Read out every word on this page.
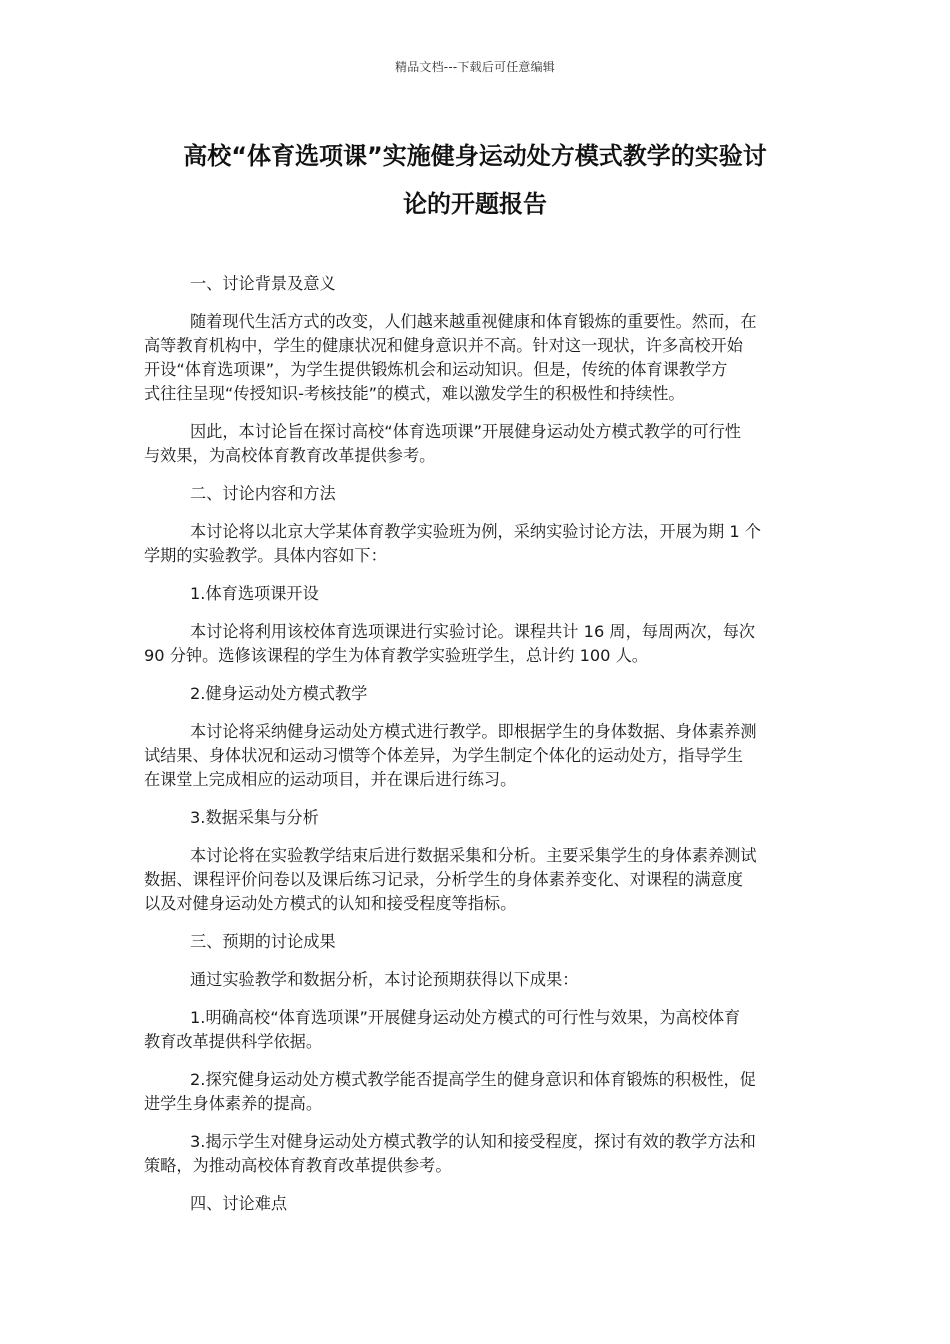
精品文档---下载后可任意编辑
高校“体育选项课”实施健身运动处方模式教学的实验讨
论的开题报告
一、讨论背景及意义
随着现代生活方式的改变，人们越来越重视健康和体育锻炼的重要性。然而，在
高等教育机构中，学生的健康状况和健身意识并不高。针对这一现状，许多高校开始
开设“体育选项课”，为学生提供锻炼机会和运动知识。但是，传统的体育课教学方
式往往呈现“传授知识-考核技能”的模式，难以激发学生的积极性和持续性。
因此，本讨论旨在探讨高校“体育选项课”开展健身运动处方模式教学的可行性
与效果，为高校体育教育改革提供参考。
二、讨论内容和方法
本讨论将以北京大学某体育教学实验班为例，采纳实验讨论方法，开展为期 1 个
学期的实验教学。具体内容如下：
1.体育选项课开设
本讨论将利用该校体育选项课进行实验讨论。课程共计 16 周，每周两次，每次
90 分钟。选修该课程的学生为体育教学实验班学生，总计约 100 人。
2.健身运动处方模式教学
本讨论将采纳健身运动处方模式进行教学。即根据学生的身体数据、身体素养测
试结果、身体状况和运动习惯等个体差异，为学生制定个体化的运动处方，指导学生
在课堂上完成相应的运动项目，并在课后进行练习。
3.数据采集与分析
本讨论将在实验教学结束后进行数据采集和分析。主要采集学生的身体素养测试
数据、课程评价问卷以及课后练习记录，分析学生的身体素养变化、对课程的满意度
以及对健身运动处方模式的认知和接受程度等指标。
三、预期的讨论成果
通过实验教学和数据分析，本讨论预期获得以下成果：
1.明确高校“体育选项课”开展健身运动处方模式的可行性与效果，为高校体育
教育改革提供科学依据。
2.探究健身运动处方模式教学能否提高学生的健身意识和体育锻炼的积极性，促
进学生身体素养的提高。
3.揭示学生对健身运动处方模式教学的认知和接受程度，探讨有效的教学方法和
策略，为推动高校体育教育改革提供参考。
四、讨论难点
